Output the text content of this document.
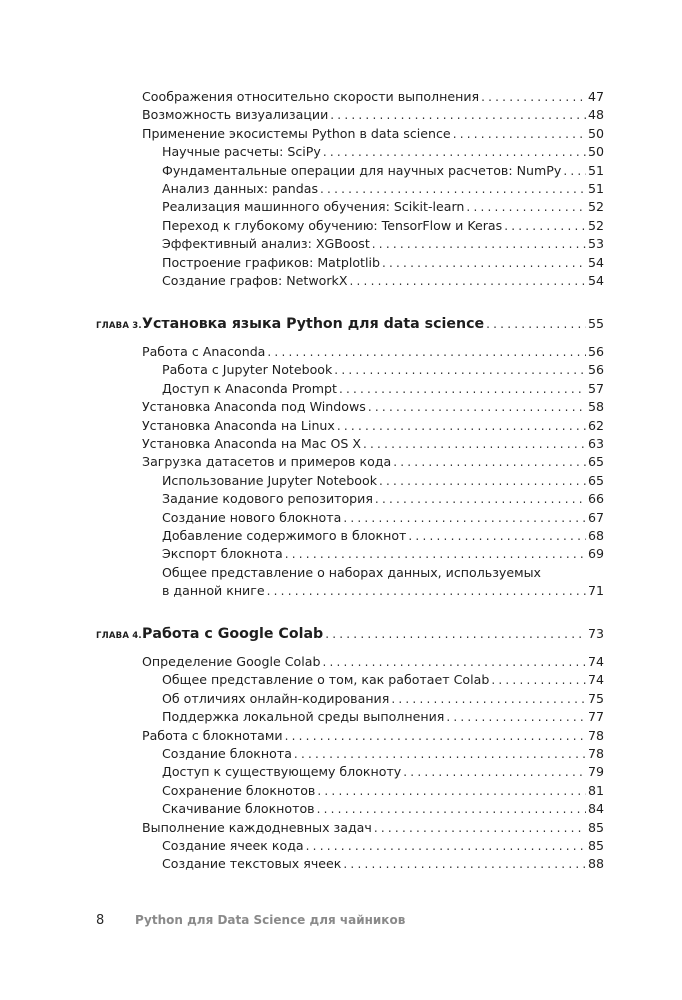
Соображения относительно скорости выполнения . . .	47
Возможность визуализации . . .	48
Применение экосистемы Python в data science . . .	50
Научные расчеты: SciPy . . .	50
Фундаментальные операции для научных расчетов: NumPy . . . 51
Анализ данных: pandas . . .	51
Реализация машинного обучения: Scikit-learn . . .	52
Переход к глубокому обучению: TensorFlow и Keras . . .	52
Эффективный анализ: XGBoost . . .	53
Построение графиков: Matplotlib . . .	54
Создание графов: NetworkX . . .	54
ГЛАВА 3. Установка языка Python для data science . . .	55
Работа с Anaconda . . .	56
Работа с Jupyter Notebook . . .	56
Доступ к Anaconda Prompt . . .	57
Установка Anaconda под Windows . . .	58
Установка Anaconda на Linux . . .	62
Установка Anaconda на Mac OS X . . .	63
Загрузка датасетов и примеров кода . . .	65
Использование Jupyter Notebook . . .	65
Задание кодового репозитория . . .	66
Создание нового блокнота . . .	67
Добавление содержимого в блокнот . . .	68
Экспорт блокнота . . .	69
Общее представление о наборах данных, используемых
в данной книге . . .	71
ГЛАВА 4. Работа с Google Colab . . .	73
Определение Google Colab . . .	74
Общее представление о том, как работает Colab . . .	74
Об отличиях онлайн-кодирования . . .	75
Поддержка локальной среды выполнения . . .	77
Работа с блокнотами . . .	78
Создание блокнота . . .	78
Доступ к существующему блокноту . . .	79
Сохранение блокнотов . . .	81
Скачивание блокнотов . . .	84
Выполнение каждодневных задач . . .	85
Создание ячеек кода . . .	85
Создание текстовых ячеек . . .	88
8	Python для Data Science для чайников
